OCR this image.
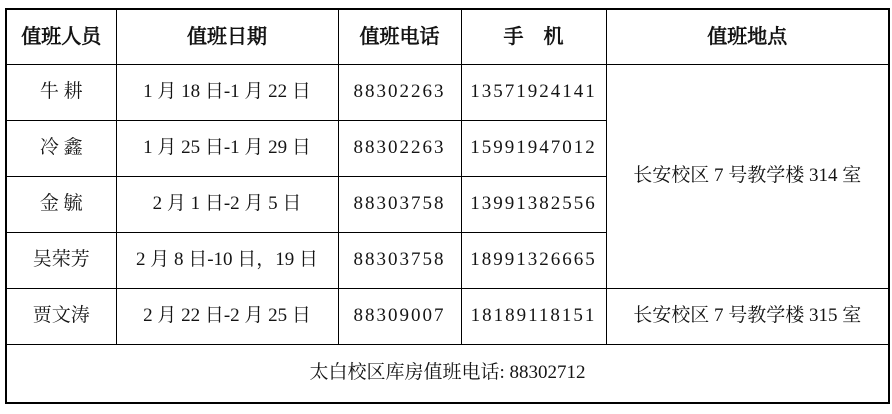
值班人员	值班日期	值班电话	手　机	值班地点
牛 耕	1 月 18 日-1 月 22 日	88302263	13571924141	长安校区 7 号教学楼 314 室
冷 鑫	1 月 25 日-1 月 29 日	88302263	15991947012	
金 毓	2 月 1 日-2 月 5 日	88303758	13991382556	
吴荣芳	2 月 8 日-10 日，19 日	88303758	18991326665	
贾文涛	2 月 22 日-2 月 25 日	88309007	18189118151	长安校区 7 号教学楼 315 室
太白校区库房值班电话: 88302712				
